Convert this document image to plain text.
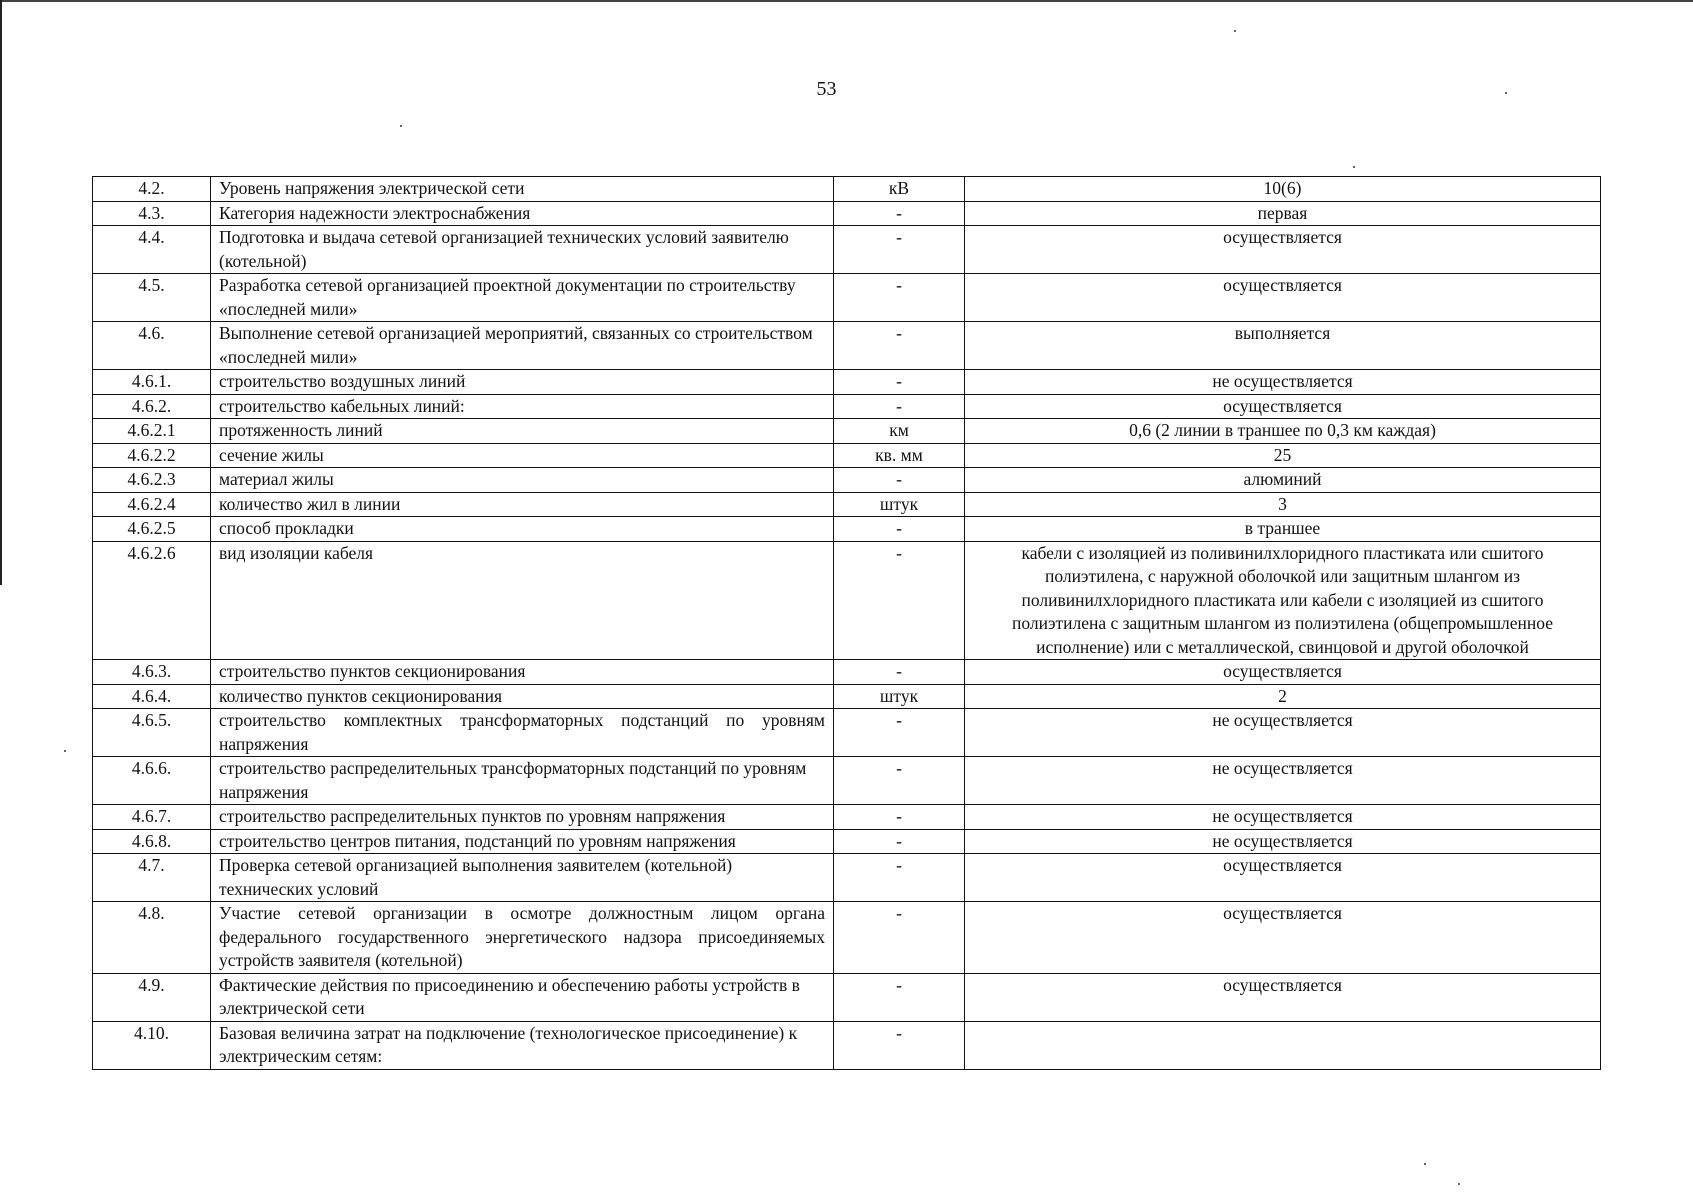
53
4.2.	Уровень напряжения электрической сети	кВ	10(6)
4.3.	Категория надежности электроснабжения	-	первая
4.4.	Подготовка и выдача сетевой организацией технических условий заявителю (котельной)	-	осуществляется
4.5.	Разработка сетевой организацией проектной документации по строительству «последней мили»	-	осуществляется
4.6.	Выполнение сетевой организацией мероприятий, связанных со строительством «последней мили»	-	выполняется
4.6.1.	строительство воздушных линий	-	не осуществляется
4.6.2.	строительство кабельных линий:	-	осуществляется
4.6.2.1	протяженность линий	км	0,6 (2 линии в траншее по 0,3 км каждая)
4.6.2.2	сечение жилы	кв. мм	25
4.6.2.3	материал жилы	-	алюминий
4.6.2.4	количество жил в линии	штук	3
4.6.2.5	способ прокладки	-	в траншее
4.6.2.6	вид изоляции кабеля	-	кабели с изоляцией из поливинилхлоридного пластиката или сшитого полиэтилена, с наружной оболочкой или защитным шлангом из поливинилхлоридного пластиката или кабели с изоляцией из сшитого полиэтилена с защитным шлангом из полиэтилена (общепромышленное исполнение) или с металлической, свинцовой и другой оболочкой
4.6.3.	строительство пунктов секционирования	-	осуществляется
4.6.4.	количество пунктов секционирования	штук	2
4.6.5.	строительство комплектных трансформаторных подстанций по уровням напряжения	-	не осуществляется
4.6.6.	строительство распределительных трансформаторных подстанций по уровням напряжения	-	не осуществляется
4.6.7.	строительство распределительных пунктов по уровням напряжения	-	не осуществляется
4.6.8.	строительство центров питания, подстанций по уровням напряжения	-	не осуществляется
4.7.	Проверка сетевой организацией выполнения заявителем (котельной) технических условий	-	осуществляется
4.8.	Участие сетевой организации в осмотре должностным лицом органа федерального государственного энергетического надзора присоединяемых устройств заявителя (котельной)	-	осуществляется
4.9.	Фактические действия по присоединению и обеспечению работы устройств в электрической сети	-	осуществляется
4.10.	Базовая величина затрат на подключение (технологическое присоединение) к электрическим сетям:	-	
